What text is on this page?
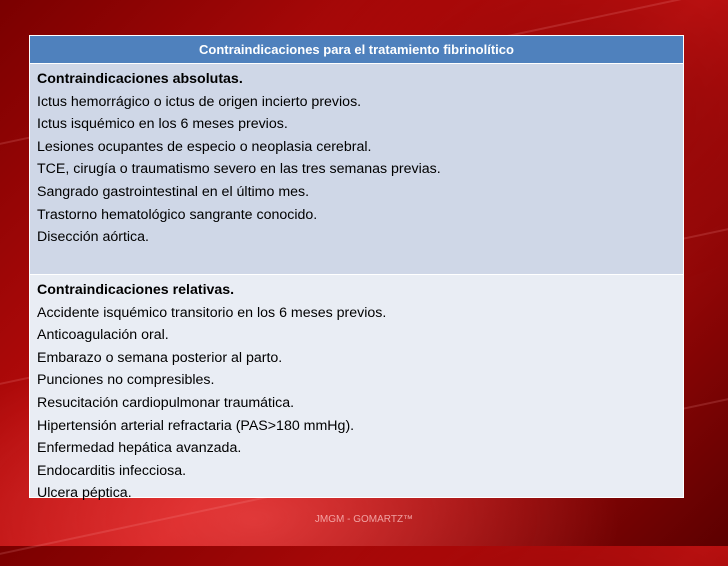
Contraindicaciones para el tratamiento fibrinolítico
Contraindicaciones absolutas.
Ictus hemorrágico o ictus de origen incierto previos.
Ictus isquémico en los 6 meses previos.
Lesiones ocupantes de especio o neoplasia cerebral.
TCE, cirugía o traumatismo severo en las tres semanas previas.
Sangrado gastrointestinal en el último mes.
Trastorno hematológico sangrante conocido.
Disección aórtica.
Contraindicaciones relativas.
Accidente isquémico transitorio en los 6 meses previos.
Anticoagulación oral.
Embarazo o semana posterior al parto.
Punciones no compresibles.
Resucitación cardiopulmonar traumática.
Hipertensión arterial refractaria (PAS>180 mmHg).
Enfermedad hepática avanzada.
Endocarditis infecciosa.
Ulcera péptica.
JMGM - GOMARTZ™
